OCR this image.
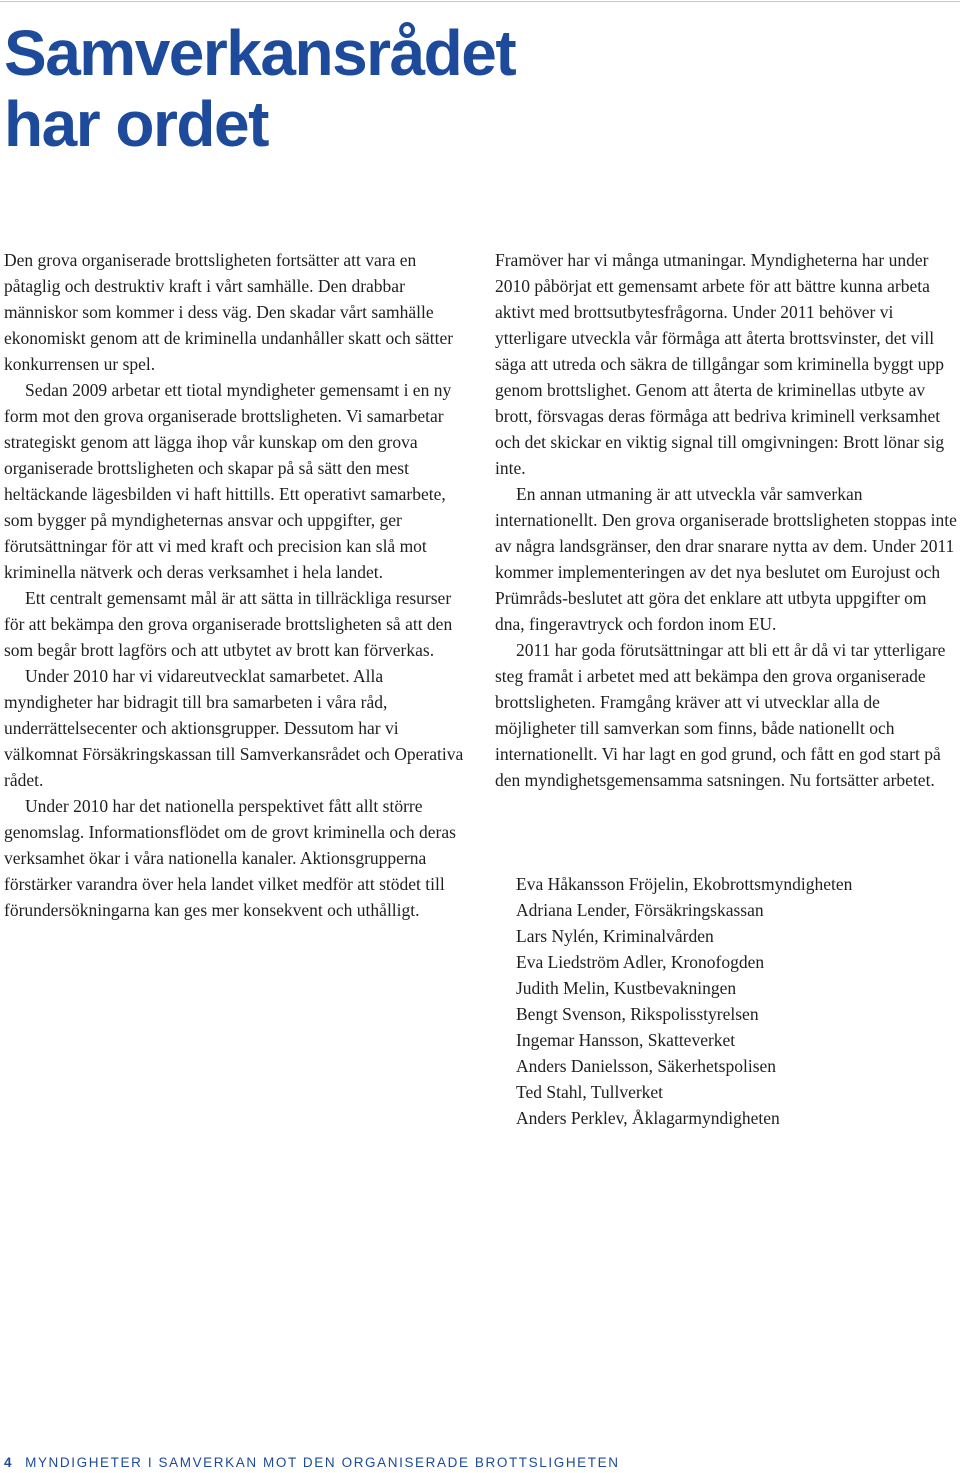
Samverkansrådet
har ordet

Den grova organiserade brottsligheten fortsätter att vara en påtaglig och destruktiv kraft i vårt samhälle. Den drabbar människor som kommer i dess väg. Den skadar vårt samhälle ekonomiskt genom att de kriminella undanhåller skatt och sätter konkurrensen ur spel.

Sedan 2009 arbetar ett tiotal myndigheter gemensamt i en ny form mot den grova organiserade brottsligheten. Vi samarbetar strategiskt genom att lägga ihop vår kunskap om den grova organiserade brottsligheten och skapar på så sätt den mest heltäckande lägesbilden vi haft hittills. Ett operativt samarbete, som bygger på myndigheternas ansvar och uppgifter, ger förutsättningar för att vi med kraft och precision kan slå mot kriminella nätverk och deras verksamhet i hela landet.

Ett centralt gemensamt mål är att sätta in tillräckliga resurser för att bekämpa den grova organiserade brottsligheten så att den som begår brott lagförs och att utbytet av brott kan förverkas.

Under 2010 har vi vidareutvecklat samarbetet. Alla myndigheter har bidragit till bra samarbeten i våra råd, underrättelsecenter och aktionsgrupper. Dessutom har vi välkomnat Försäkringskassan till Samverkansrådet och Operativa rådet.

Under 2010 har det nationella perspektivet fått allt större genomslag. Informationsflödet om de grovt kriminella och deras verksamhet ökar i våra nationella kanaler. Aktionsgrupperna förstärker varandra över hela landet vilket medför att stödet till förundersökningarna kan ges mer konsekvent och uthålligt.

Framöver har vi många utmaningar. Myndigheterna har under 2010 påbörjat ett gemensamt arbete för att bättre kunna arbeta aktivt med brottsutbytesfrågorna. Under 2011 behöver vi ytterligare utveckla vår förmåga att återta brottsvinster, det vill säga att utreda och säkra de tillgångar som kriminella byggt upp genom brottslighet. Genom att återta de kriminellas utbyte av brott, försvagas deras förmåga att bedriva kriminell verksamhet och det skickar en viktig signal till omgivningen: Brott lönar sig inte.

En annan utmaning är att utveckla vår samverkan internationellt. Den grova organiserade brottsligheten stoppas inte av några landsgränser, den drar snarare nytta av dem. Under 2011 kommer implementeringen av det nya beslutet om Eurojust och Prümråds-beslutet att göra det enklare att utbyta uppgifter om dna, fingeravtryck och fordon inom EU.

2011 har goda förutsättningar att bli ett år då vi tar ytterligare steg framåt i arbetet med att bekämpa den grova organiserade brottsligheten. Framgång kräver att vi utvecklar alla de möjligheter till samverkan som finns, både nationellt och internationellt. Vi har lagt en god grund, och fått en god start på den myndighetsgemensamma satsningen. Nu fortsätter arbetet.

Eva Håkansson Fröjelin, Ekobrottsmyndigheten
Adriana Lender, Försäkringskassan
Lars Nylén, Kriminalvården
Eva Liedström Adler, Kronofogden
Judith Melin, Kustbevakningen
Bengt Svenson, Rikspolisstyrelsen
Ingemar Hansson, Skatteverket
Anders Danielsson, Säkerhetspolisen
Ted Stahl, Tullverket
Anders Perklev, Åklagarmyndigheten
4 MYNDIGHETER I SAMVERKAN MOT DEN ORGANISERADE BROTTSLIGHETEN
